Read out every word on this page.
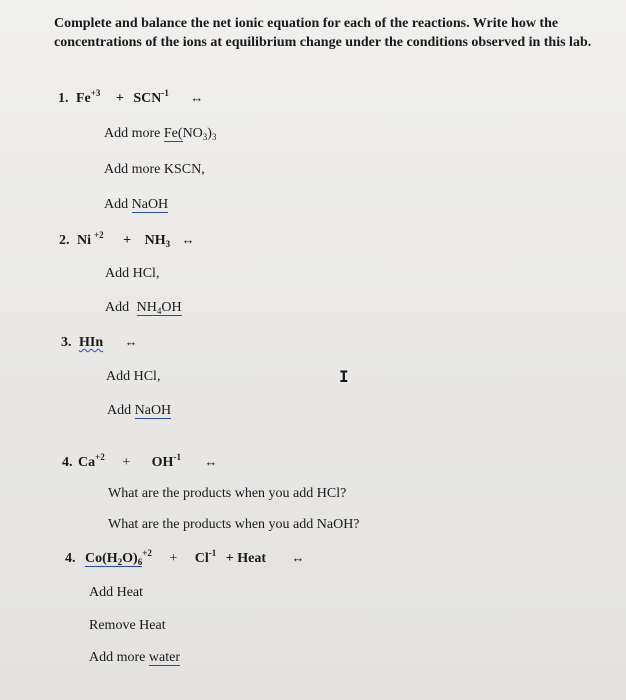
Complete and balance the net ionic equation for each of the reactions. Write how the concentrations of the ions at equilibrium change under the conditions observed in this lab.
1. $Fe^{+3} + SCN^{-1}$ ↔
Add more $Fe(NO_3)_3$
Add more KSCN,
Add NaOH
2. Ni $^{+2} + NH_3$ ↔
Add HCl,
Add $NH_4OH$
3. HIn ↔
Add HCl,	I
Add NaOH
4. $Ca^{+2} + OH^{-1}$ ↔
What are the products when you add HCl?
What are the products when you add NaOH?
4. $Co(H_2O)_6^{+2} + Cl^{-1}$ + Heat ↔
Add Heat
Remove Heat
Add more water
